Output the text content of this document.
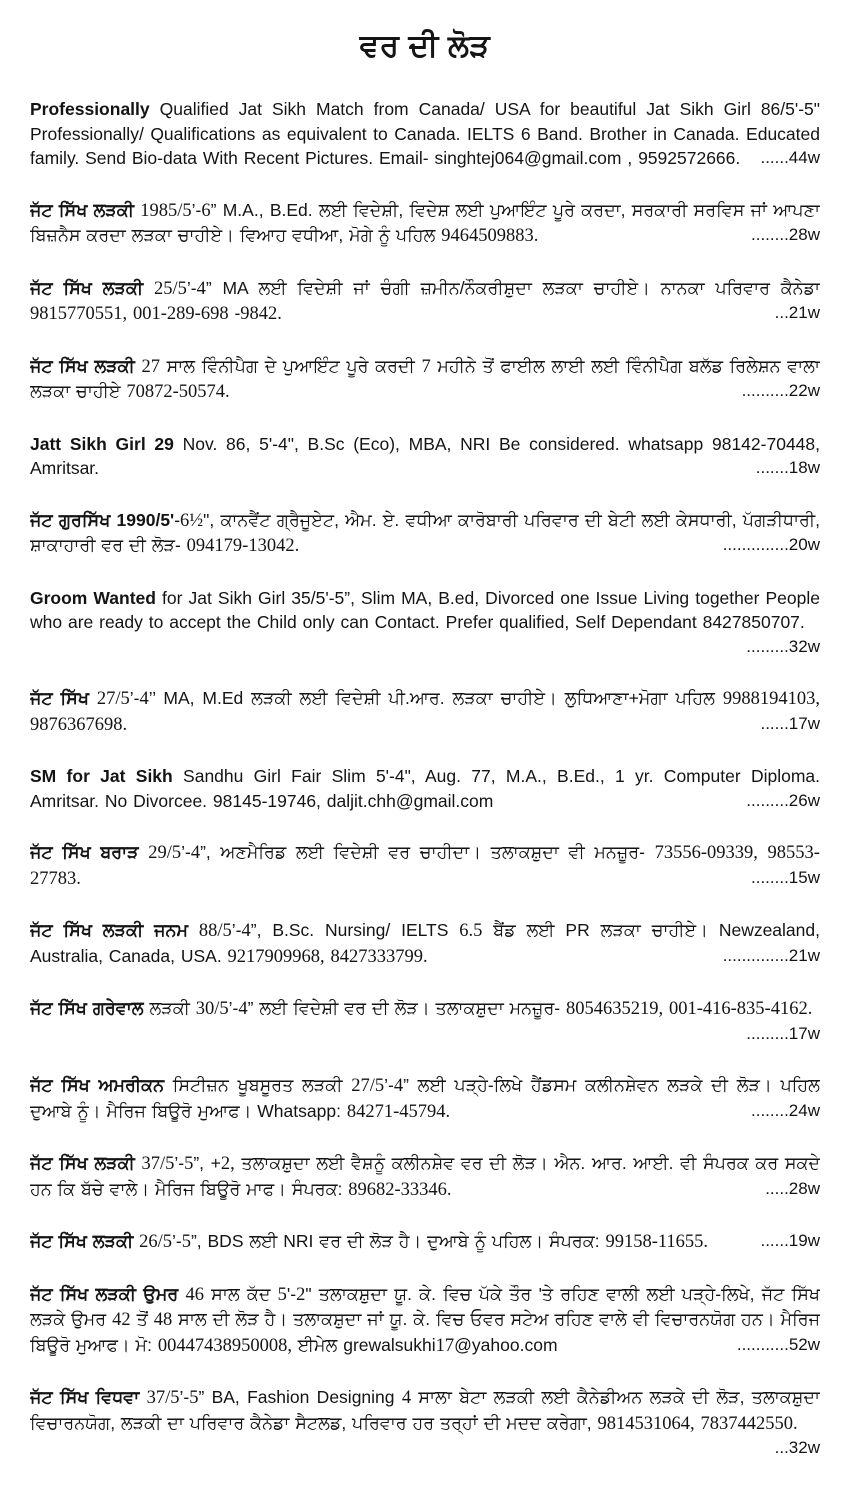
ਵਰ ਦੀ ਲੋੜ
Professionally Qualified Jat Sikh Match from Canada/ USA for beautiful Jat Sikh Girl 86/5'-5" Professionally/ Qualifications as equivalent to Canada. IELTS 6 Band. Brother in Canada. Educated family. Send Bio-data With Recent Pictures. Email- singhtej064@gmail.com , 9592572666. ......44w
ਜੱਟ ਸਿੱਖ ਲੜਕੀ 1985/5’-6” M.A., B.Ed. ਲਈ ਵਿਦੇਸ਼ੀ, ਵਿਦੇਸ਼ ਲਈ ਪੁਆਇੰਟ ਪੂਰੇ ਕਰਦਾ, ਸਰਕਾਰੀ ਸਰਵਿਸ ਜਾਂ ਆਪਣਾ ਬਿਜ਼ਨੈਸ ਕਰਦਾ ਲੜਕਾ ਚਾਹੀਏ। ਵਿਆਹ ਵਧੀਆ, ਮੋਗੇ ਨੂੰ ਪਹਿਲ 9464509883.	........28w
ਜੱਟ ਸਿੱਖ ਲੜਕੀ 25/5’-4” MA ਲਈ ਵਿਦੇਸ਼ੀ ਜਾਂ ਚੰਗੀ ਜ਼ਮੀਨ/ਨੌਕਰੀਸ਼ੁਦਾ ਲੜਕਾ ਚਾਹੀਏ। ਨਾਨਕਾ ਪਰਿਵਾਰ ਕੈਨੇਡਾ 9815770551, 001-289-698 -9842.	...21w
ਜੱਟ ਸਿੱਖ ਲੜਕੀ 27 ਸਾਲ ਵਿੰਨੀਪੈਗ ਦੇ ਪੁਆਇੰਟ ਪੂਰੇ ਕਰਦੀ 7 ਮਹੀਨੇ ਤੋਂ ਫਾਈਲ ਲਾਈ ਲਈ ਵਿੰਨੀਪੈਗ ਬਲੱਡ ਰਿਲੇਸ਼ਨ ਵਾਲਾ ਲੜਕਾ ਚਾਹੀਏ 70872-50574.	..........22w
Jatt Sikh Girl 29 Nov. 86, 5'-4", B.Sc (Eco), MBA, NRI Be considered. whatsapp 98142-70448, Amritsar.	.......18w
ਜੱਟ ਗੁਰਸਿੱਖ 1990/5'-6½", ਕਾਨਵੈਂਟ ਗ੍ਰੈਜੂਏਟ, ਐਮ. ਏ. ਵਧੀਆ ਕਾਰੋਬਾਰੀ ਪਰਿਵਾਰ ਦੀ ਬੇਟੀ ਲਈ ਕੇਸਧਾਰੀ, ਪੱਗੜੀਧਾਰੀ, ਸ਼ਾਕਾਹਾਰੀ ਵਰ ਦੀ ਲੋੜ- 094179-13042.	..............20w
Groom Wanted for Jat Sikh Girl 35/5'-5”, Slim MA, B.ed, Divorced one Issue Living together People who are ready to accept the Child only can Contact. Prefer qualified, Self Dependant 8427850707.
.........32w
ਜੱਟ ਸਿੱਖ 27/5’-4’’ MA, M.Ed ਲੜਕੀ ਲਈ ਵਿਦੇਸ਼ੀ ਪੀ.ਆਰ. ਲੜਕਾ ਚਾਹੀਏ। ਲੁਧਿਆਣਾ+ਮੋਗਾ ਪਹਿਲ 9988194103, 9876367698.	......17w
SM for Jat Sikh Sandhu Girl Fair Slim 5'-4", Aug. 77, M.A., B.Ed., 1 yr. Computer Diploma. Amritsar. No Divorcee. 98145-19746, daljit.chh@gmail.com	.........26w
ਜੱਟ ਸਿੱਖ ਬਰਾੜ 29/5’-4”, ਅਣਮੈਰਿਡ ਲਈ ਵਿਦੇਸ਼ੀ ਵਰ ਚਾਹੀਦਾ। ਤਲਾਕਸ਼ੁਦਾ ਵੀ ਮਨਜ਼ੂਰ- 73556-09339, 98553-27783.	........15w
ਜੱਟ ਸਿੱਖ ਲੜਕੀ ਜਨਮ 88/5’-4”, B.Sc. Nursing/ IELTS 6.5 ਬੈਂਡ ਲਈ PR ਲੜਕਾ ਚਾਹੀਏ। Newzealand, Australia, Canada, USA. 9217909968, 8427333799.	..............21w
ਜੱਟ ਸਿੱਖ ਗਰੇਵਾਲ ਲੜਕੀ 30/5’-4” ਲਈ ਵਿਦੇਸ਼ੀ ਵਰ ਦੀ ਲੋੜ। ਤਲਾਕਸ਼ੁਦਾ ਮਨਜ਼ੂਰ- 8054635219, 001-416-835-4162.
.........17w
ਜੱਟ ਸਿੱਖ ਅਮਰੀਕਨ ਸਿਟੀਜ਼ਨ ਖੂਬਸੂਰਤ ਲੜਕੀ 27/5’-4” ਲਈ ਪੜ੍ਹੇ-ਲਿਖੇ ਹੈਂਡਸਮ ਕਲੀਨਸ਼ੇਵਨ ਲੜਕੇ ਦੀ ਲੋੜ। ਪਹਿਲ ਦੁਆਬੇ ਨੂੰ। ਮੈਰਿਜ ਬਿਊਰੋ ਮੁਆਫ। Whatsapp: 84271-45794.	........24w
ਜੱਟ ਸਿੱਖ ਲੜਕੀ 37/5’-5”, +2, ਤਲਾਕਸ਼ੁਦਾ ਲਈ ਵੈਸ਼ਨੂੰ ਕਲੀਨਸ਼ੇਵ ਵਰ ਦੀ ਲੋੜ। ਐਨ. ਆਰ. ਆਈ. ਵੀ ਸੰਪਰਕ ਕਰ ਸਕਦੇ ਹਨ ਕਿ ਬੱਚੇ ਵਾਲੇ। ਮੈਰਿਜ ਬਿਊਰੋ ਮਾਫ। ਸੰਪਰਕ: 89682-33346.	.....28w
ਜੱਟ ਸਿੱਖ ਲੜਕੀ 26/5’-5”, BDS ਲਈ NRI ਵਰ ਦੀ ਲੋੜ ਹੈ। ਦੁਆਬੇ ਨੂੰ ਪਹਿਲ। ਸੰਪਰਕ: 99158-11655.	......19w
ਜੱਟ ਸਿੱਖ ਲੜਕੀ ਉਮਰ 46 ਸਾਲ ਕੱਦ 5'-2" ਤਲਾਕਸ਼ੁਦਾ ਯੂ. ਕੇ. ਵਿਚ ਪੱਕੇ ਤੌਰ 'ਤੇ ਰਹਿਣ ਵਾਲੀ ਲਈ ਪੜ੍ਹੇ-ਲਿਖੇ, ਜੱਟ ਸਿੱਖ ਲੜਕੇ ਉਮਰ 42 ਤੋਂ 48 ਸਾਲ ਦੀ ਲੋੜ ਹੈ। ਤਲਾਕਸ਼ੁਦਾ ਜਾਂ ਯੂ. ਕੇ. ਵਿਚ ਓਵਰ ਸਟੇਅ ਰਹਿਣ ਵਾਲੇ ਵੀ ਵਿਚਾਰਨਯੋਗ ਹਨ। ਮੈਰਿਜ ਬਿਊਰੋ ਮੁਆਫ। ਮੋ: 00447438950008, ਈਮੇਲ grewalsukhi17@yahoo.com	...........52w
ਜੱਟ ਸਿੱਖ ਵਿਧਵਾ 37/5’-5” BA, Fashion Designing 4 ਸਾਲਾ ਬੇਟਾ ਲੜਕੀ ਲਈ ਕੈਨੇਡੀਅਨ ਲੜਕੇ ਦੀ ਲੋੜ, ਤਲਾਕਸ਼ੁਦਾ ਵਿਚਾਰਨਯੋਗ, ਲੜਕੀ ਦਾ ਪਰਿਵਾਰ ਕੈਨੇਡਾ ਸੈਟਲਡ, ਪਰਿਵਾਰ ਹਰ ਤਰ੍ਹਾਂ ਦੀ ਮਦਦ ਕਰੇਗਾ, 9814531064, 7837442550.
...32w
